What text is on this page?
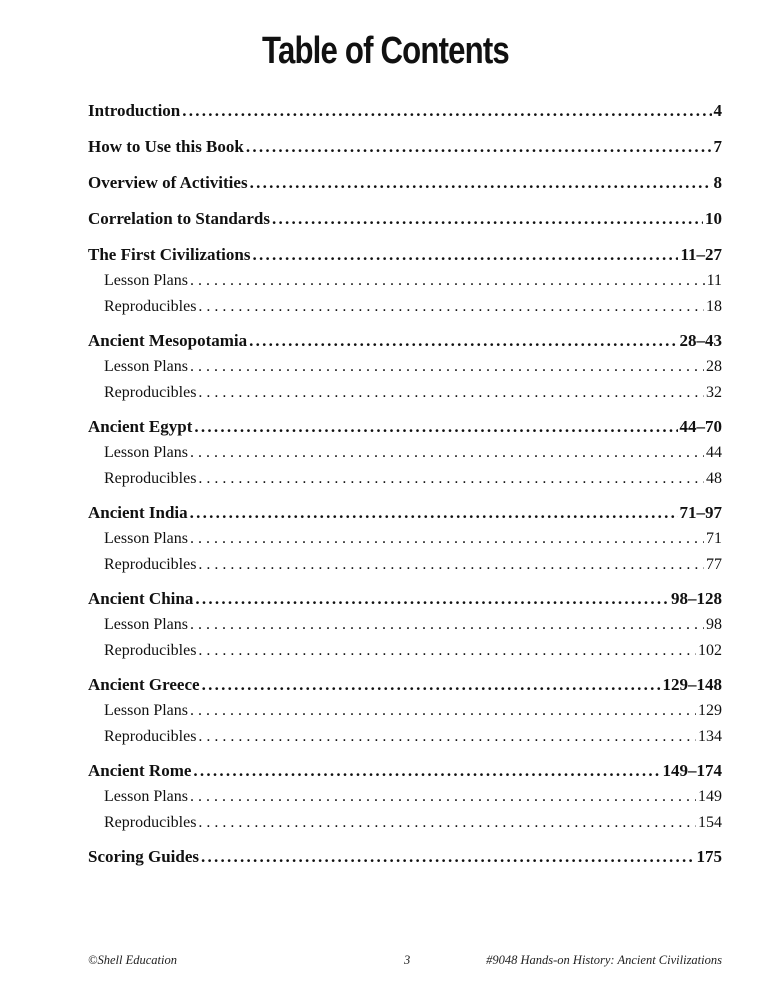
Table of Contents
Introduction . . .	4
How to Use this Book . . .	7
Overview of Activities . . .	8
Correlation to Standards . . .	10
The First Civilizations . . .	11–27
Lesson Plans . . .	11
Reproducibles . . .	18
Ancient Mesopotamia . . .	28–43
Lesson Plans . . .	28
Reproducibles . . .	32
Ancient Egypt . . .	44–70
Lesson Plans . . .	44
Reproducibles . . .	48
Ancient India . . .	71–97
Lesson Plans . . .	71
Reproducibles . . .	77
Ancient China . . .	98–128
Lesson Plans . . .	98
Reproducibles . . .	102
Ancient Greece . . .	129–148
Lesson Plans . . .	129
Reproducibles . . .	134
Ancient Rome . . .	149–174
Lesson Plans . . .	149
Reproducibles . . .	154
Scoring Guides . . .	175
©Shell Education	3	#9048 Hands-on History: Ancient Civilizations
